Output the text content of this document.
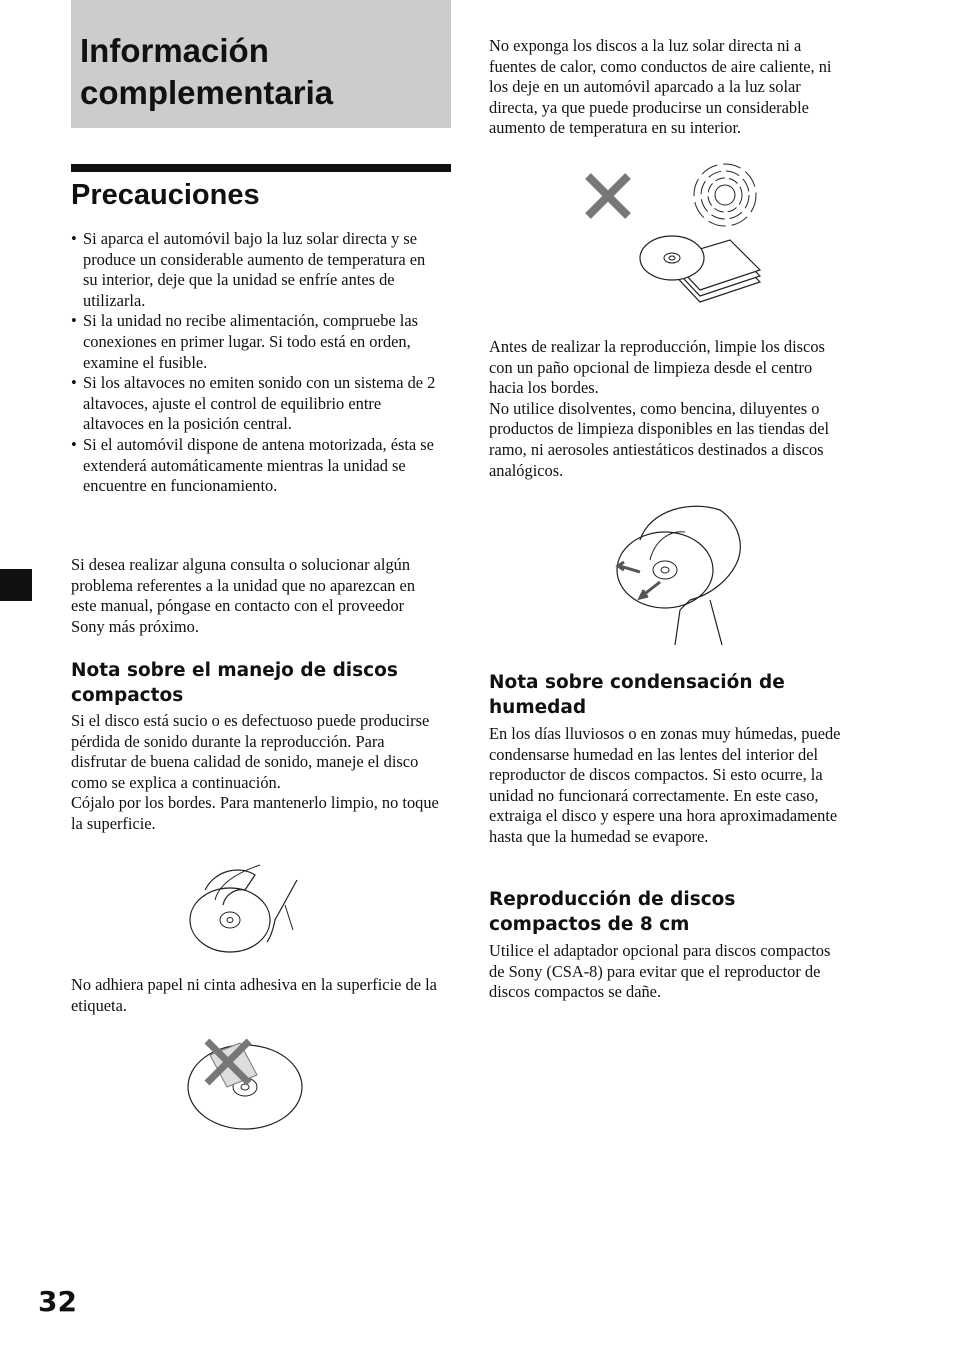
Información
complementaria
Precauciones
• Si aparca el automóvil bajo la luz solar directa y se produce un considerable aumento de temperatura en su interior, deje que la unidad se enfríe antes de utilizarla.
• Si la unidad no recibe alimentación, compruebe las conexiones en primer lugar. Si todo está en orden, examine el fusible.
• Si los altavoces no emiten sonido con un sistema de 2 altavoces, ajuste el control de equilibrio entre altavoces en la posición central.
• Si el automóvil dispone de antena motorizada, ésta se extenderá automáticamente mientras la unidad se encuentre en funcionamiento.

Si desea realizar alguna consulta o solucionar algún problema referentes a la unidad que no aparezcan en este manual, póngase en contacto con el proveedor Sony más próximo.

Nota sobre el manejo de discos compactos

Si el disco está sucio o es defectuoso puede producirse pérdida de sonido durante la reproducción. Para disfrutar de buena calidad de sonido, maneje el disco como se explica a continuación.

Cójalo por los bordes. Para mantenerlo limpio, no toque la superficie.

No adhiera papel ni cinta adhesiva en la superficie de la etiqueta.

No exponga los discos a la luz solar directa ni a fuentes de calor, como conductos de aire caliente, ni los deje en un automóvil aparcado a la luz solar directa, ya que puede producirse un considerable aumento de temperatura en su interior.

Antes de realizar la reproducción, limpie los discos con un paño opcional de limpieza desde el centro hacia los bordes.

No utilice disolventes, como bencina, diluyentes o productos de limpieza disponibles en las tiendas del ramo, ni aerosoles antiestáticos destinados a discos analógicos.

Nota sobre condensación de humedad

En los días lluviosos o en zonas muy húmedas, puede condensarse humedad en las lentes del interior del reproductor de discos compactos. Si esto ocurre, la unidad no funcionará correctamente. En este caso, extraiga el disco y espere una hora aproximadamente hasta que la humedad se evapore.

Reproducción de discos compactos de 8 cm

Utilice el adaptador opcional para discos compactos de Sony (CSA-8) para evitar que el reproductor de discos compactos se dañe.

32
